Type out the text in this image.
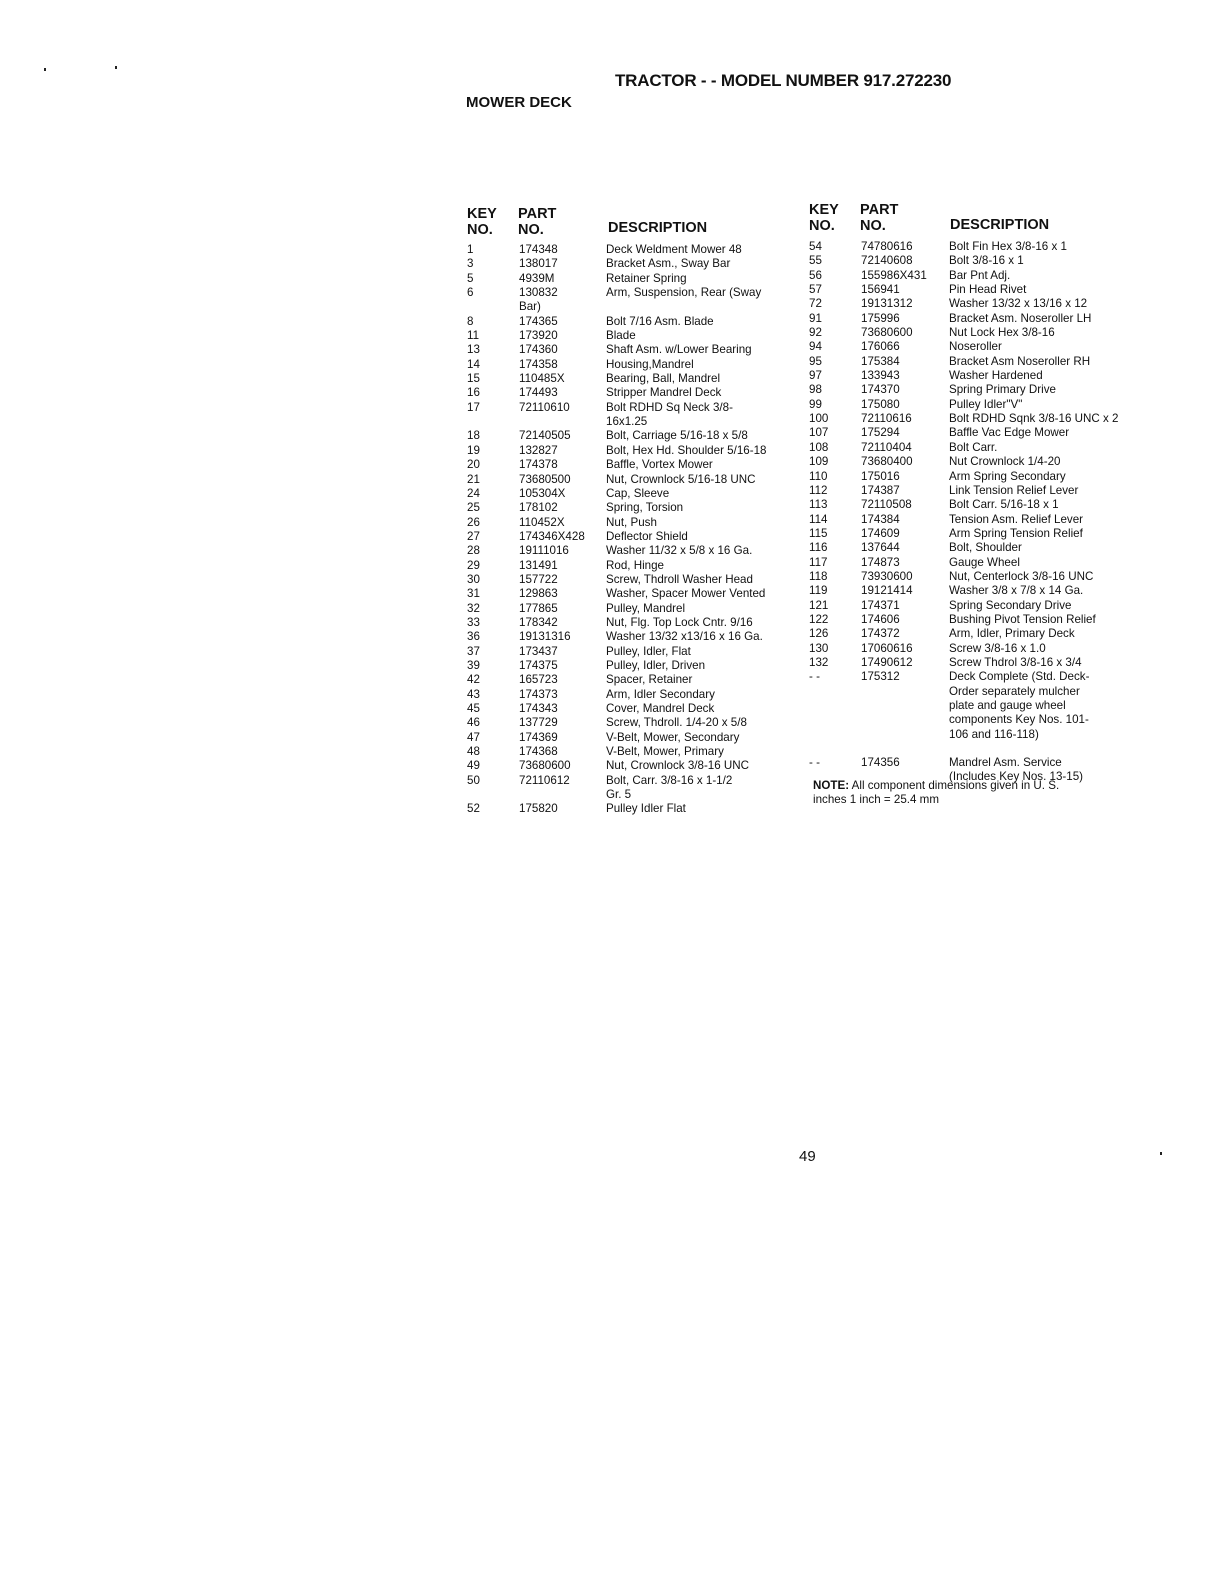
TRACTOR - - MODEL NUMBER 917.272230
MOWER DECK
KEY
NO.
PART
NO.	DESCRIPTION
KEY
NO.
PART
NO.	DESCRIPTION
1	174348	Deck Weldment Mower 48
3	138017	Bracket Asm., Sway Bar
5	4939M	Retainer Spring
6	130832	Arm, Suspension, Rear (Sway
Bar)
8	174365	Bolt 7/16 Asm. Blade
11	173920	Blade
13	174360	Shaft Asm. w/Lower Bearing
14	174358	Housing,Mandrel
15	110485X	Bearing, Ball, Mandrel
16	174493	Stripper Mandrel Deck
17	72110610	Bolt RDHD Sq Neck 3/8-
16x1.25
18	72140505	Bolt, Carriage 5/16-18 x 5/8
19	132827	Bolt, Hex Hd. Shoulder 5/16-18
20	174378	Baffle, Vortex Mower
21	73680500	Nut, Crownlock 5/16-18 UNC
24	105304X	Cap, Sleeve
25	178102	Spring, Torsion
26	110452X	Nut, Push
27	174346X428	Deflector Shield
28	19111016	Washer 11/32 x 5/8 x 16 Ga.
29	131491	Rod, Hinge
30	157722	Screw, Thdroll Washer Head
31	129863	Washer, Spacer Mower Vented
32	177865	Pulley, Mandrel
33	178342	Nut, Flg. Top Lock Cntr. 9/16
36	19131316	Washer 13/32 x13/16 x 16 Ga.
37	173437	Pulley, Idler, Flat
39	174375	Pulley, Idler, Driven
42	165723	Spacer, Retainer
43	174373	Arm, Idler Secondary
45	174343	Cover, Mandrel Deck
46	137729	Screw, Thdroll. 1/4-20 x 5/8
47	174369	V-Belt, Mower, Secondary
48	174368	V-Belt, Mower, Primary
49	73680600	Nut, Crownlock 3/8-16 UNC
50	72110612	Bolt, Carr. 3/8-16 x 1-1/2
Gr. 5
52	175820	Pulley Idler Flat
54	74780616	Bolt Fin Hex 3/8-16 x 1
55	72140608	Bolt 3/8-16 x 1
56	155986X431	Bar Pnt Adj.
57	156941	Pin Head Rivet
72	19131312	Washer 13/32 x 13/16 x 12
91	175996	Bracket Asm. Noseroller LH
92	73680600	Nut Lock Hex 3/8-16
94	176066	Noseroller
95	175384	Bracket Asm Noseroller RH
97	133943	Washer Hardened
98	174370	Spring Primary Drive
99	175080	Pulley Idler"V"
100	72110616	Bolt RDHD Sqnk 3/8-16 UNC x 2
107	175294	Baffle Vac Edge Mower
108	72110404	Bolt Carr.
109	73680400	Nut Crownlock 1/4-20
110	175016	Arm Spring Secondary
112	174387	Link Tension Relief Lever
113	72110508	Bolt Carr. 5/16-18 x 1
114	174384	Tension Asm. Relief Lever
115	174609	Arm Spring Tension Relief
116	137644	Bolt, Shoulder
117	174873	Gauge Wheel
118	73930600	Nut, Centerlock 3/8-16 UNC
119	19121414	Washer 3/8 x 7/8 x 14 Ga.
121	174371	Spring Secondary Drive
122	174606	Bushing Pivot Tension Relief
126	174372	Arm, Idler, Primary Deck
130	17060616	Screw 3/8-16 x 1.0
132	17490612	Screw Thdrol 3/8-16 x 3/4
- -	175312	Deck Complete (Std. Deck-
Order separately mulcher
plate and gauge wheel
components Key Nos. 101-
106 and 116-118)
- -	174356	Mandrel Asm. Service
(Includes Key Nos. 13-15)
NOTE: All component dimensions given in U. S.
inches 1 inch = 25.4 mm
49
